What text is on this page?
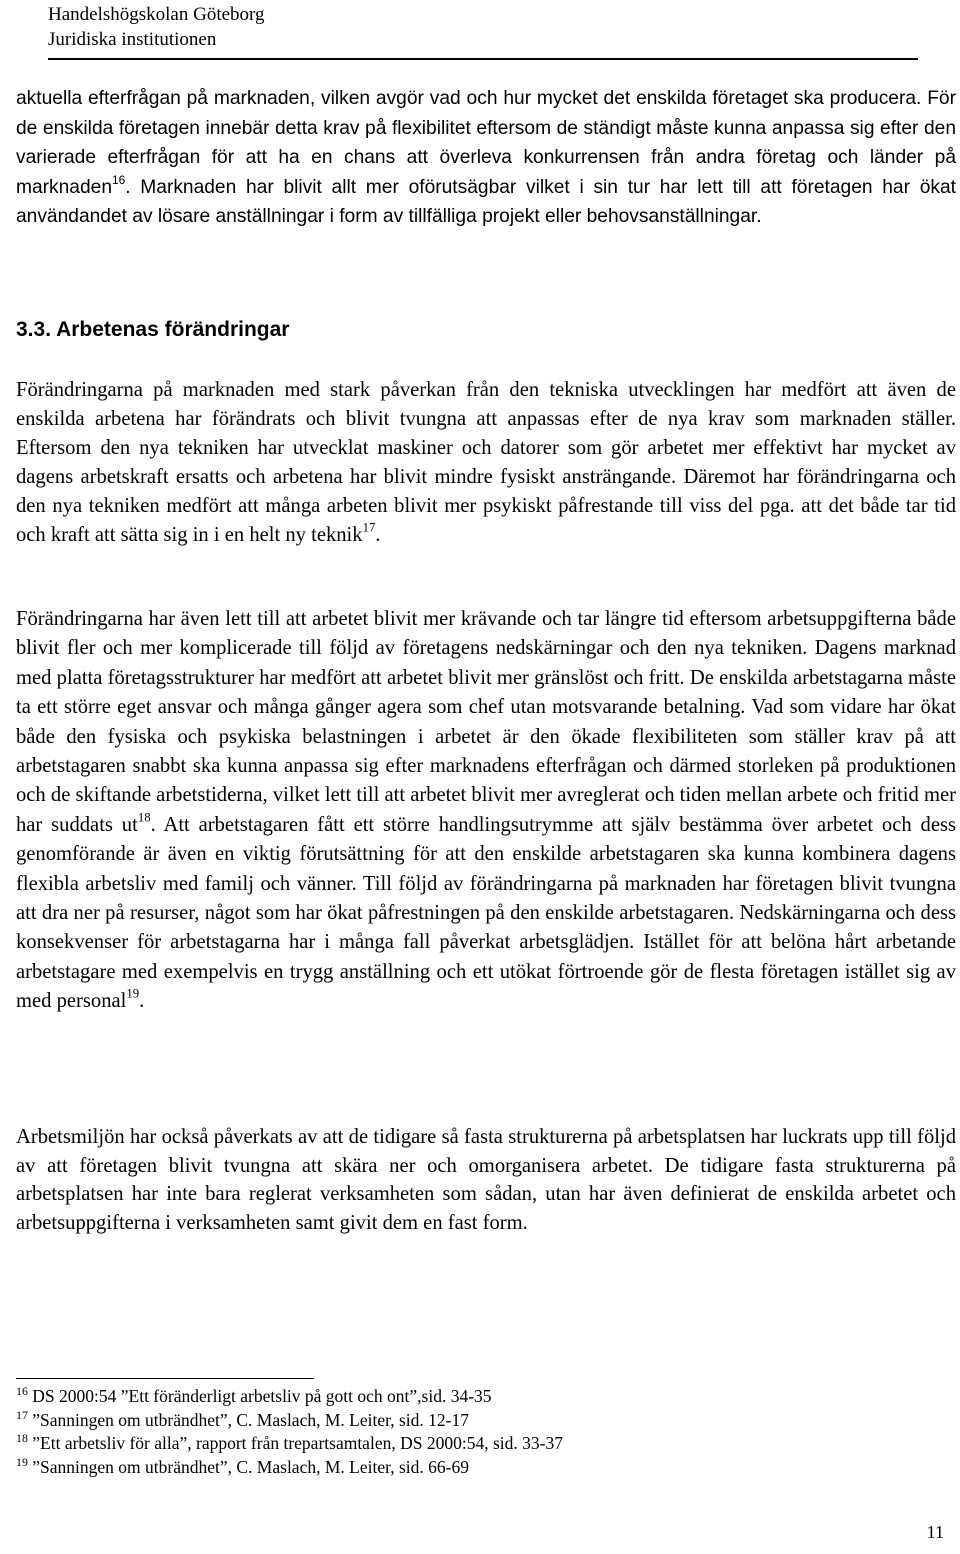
Handelshögskolan Göteborg
Juridiska institutionen

aktuella efterfrågan på marknaden, vilken avgör vad och hur mycket det enskilda företaget ska producera. För de enskilda företagen innebär detta krav på flexibilitet eftersom de ständigt måste kunna anpassa sig efter den varierade efterfrågan för att ha en chans att överleva konkurrensen från andra företag och länder på marknaden$^{16}$. Marknaden har blivit allt mer oförutsägbar vilket i sin tur har lett till att företagen har ökat användandet av lösare anställningar i form av tillfälliga projekt eller behovsanställningar.

3.3. Arbetenas förändringar

Förändringarna på marknaden med stark påverkan från den tekniska utvecklingen har medfört att även de enskilda arbetena har förändrats och blivit tvungna att anpassas efter de nya krav som marknaden ställer. Eftersom den nya tekniken har utvecklat maskiner och datorer som gör arbetet mer effektivt har mycket av dagens arbetskraft ersatts och arbetena har blivit mindre fysiskt ansträngande. Däremot har förändringarna och den nya tekniken medfört att många arbeten blivit mer psykiskt påfrestande till viss del pga. att det både tar tid och kraft att sätta sig in i en helt ny teknik$^{17}$.

Förändringarna har även lett till att arbetet blivit mer krävande och tar längre tid eftersom arbetsuppgifterna både blivit fler och mer komplicerade till följd av företagens nedskärningar och den nya tekniken. Dagens marknad med platta företagsstrukturer har medfört att arbetet blivit mer gränslöst och fritt. De enskilda arbetstagarna måste ta ett större eget ansvar och många gånger agera som chef utan motsvarande betalning. Vad som vidare har ökat både den fysiska och psykiska belastningen i arbetet är den ökade flexibiliteten som ställer krav på att arbetstagaren snabbt ska kunna anpassa sig efter marknadens efterfrågan och därmed storleken på produktionen och de skiftande arbetstiderna, vilket lett till att arbetet blivit mer avreglerat och tiden mellan arbete och fritid mer har suddats $ut^{18}$. Att arbetstagaren fått ett större handlingsutrymme att själv bestämma över arbetet och dess genomförande är även en viktig förutsättning för att den enskilde arbetstagaren ska kunna kombinera dagens flexibla arbetsliv med familj och vänner. Till följd av förändringarna på marknaden har företagen blivit tvungna att dra ner på resurser, något som har ökat påfrestningen på den enskilde arbetstagaren. Nedskärningarna och dess konsekvenser för arbetstagarna har i många fall påverkat arbetsglädjen. Istället för att belöna hårt arbetande arbetstagare med exempelvis en trygg anställning och ett utökat förtroende gör de flesta företagen istället sig av med personal$^{19}$.

Arbetsmiljön har också påverkats av att de tidigare så fasta strukturerna på arbetsplatsen har luckrats upp till följd av att företagen blivit tvungna att skära ner och omorganisera arbetet. De tidigare fasta strukturerna på arbetsplatsen har inte bara reglerat verksamheten som sådan, utan har även definierat de enskilda arbetet och arbetsuppgifterna i verksamheten samt givit dem en fast form.

$^{16}$ DS 2000:54 ”Ett föränderligt arbetsliv på gott och ont”,sid. 34-35
$^{17}$ ”Sanningen om utbrändhet”, C. Maslach, M. Leiter, sid. 12-17
$^{18}$ ”Ett arbetsliv för alla”, rapport från trepartsamtalen, DS 2000:54, sid. 33-37
$^{19}$ ”Sanningen om utbrändhet”, C. Maslach, M. Leiter, sid. 66-69
11
